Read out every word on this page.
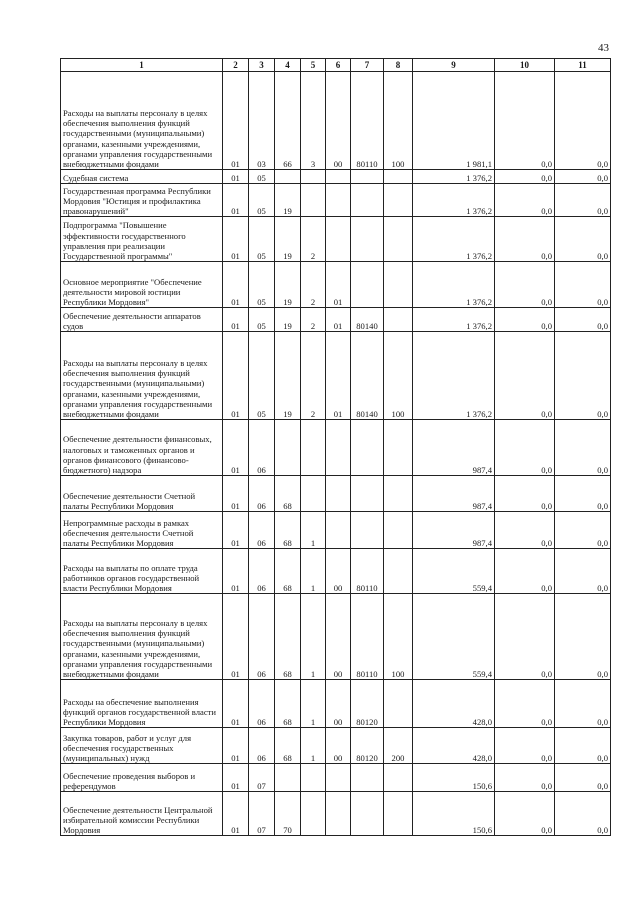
43
1	2	3	4	5	6	7	8	9	10	11
Расходы на выплаты персоналу в целях обеспечения выполнения функций государственными (муниципальными) органами, казенными учреждениями, органами управления государственными внебюджетными фондами	01	03	66	3	00	80110	100	1 981,1	0,0	0,0
Судебная система	01	05						1 376,2	0,0	0,0
Государственная программа Республики Мордовия "Юстиция и профилактика правонарушений"	01	05	19					1 376,2	0,0	0,0
Подпрограмма "Повышение эффективности государственного управления при реализации Государственной программы"	01	05	19	2				1 376,2	0,0	0,0
Основное мероприятие "Обеспечение деятельности мировой юстиции Республики Мордовия"	01	05	19	2	01			1 376,2	0,0	0,0
Обеспечение деятельности аппаратов судов	01	05	19	2	01	80140		1 376,2	0,0	0,0
Расходы на выплаты персоналу в целях обеспечения выполнения функций государственными (муниципальными) органами, казенными учреждениями, органами управления государственными внебюджетными фондами	01	05	19	2	01	80140	100	1 376,2	0,0	0,0
Обеспечение деятельности финансовых, налоговых и таможенных органов и органов финансового (финансово-бюджетного) надзора	01	06						987,4	0,0	0,0
Обеспечение деятельности Счетной палаты Республики Мордовия	01	06	68					987,4	0,0	0,0
Непрограммные расходы в рамках обеспечения деятельности Счетной палаты Республики Мордовия	01	06	68	1				987,4	0,0	0,0
Расходы на выплаты по оплате труда работников органов государственной власти Республики Мордовия	01	06	68	1	00	80110		559,4	0,0	0,0
Расходы на выплаты персоналу в целях обеспечения выполнения функций государственными (муниципальными) органами, казенными учреждениями, органами управления государственными внебюджетными фондами	01	06	68	1	00	80110	100	559,4	0,0	0,0
Расходы на обеспечение выполнения функций органов государственной власти Республики Мордовия	01	06	68	1	00	80120		428,0	0,0	0,0
Закупка товаров, работ и услуг для обеспечения государственных (муниципальных) нужд	01	06	68	1	00	80120	200	428,0	0,0	0,0
Обеспечение проведения выборов и референдумов	01	07						150,6	0,0	0,0
Обеспечение деятельности Центральной избирательной комиссии Республики Мордовия	01	07	70					150,6	0,0	0,0
